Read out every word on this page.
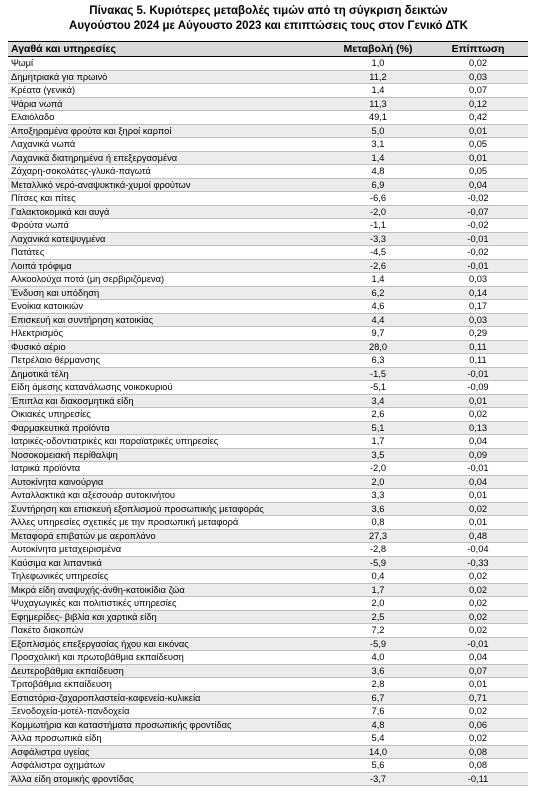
Πίνακας 5. Κυριότερες μεταβολές τιμών από τη σύγκριση δεικτών
Αυγούστου 2024 με Αύγουστο 2023 και επιπτώσεις τους στον Γενικό ΔΤΚ
Αγαθά και υπηρεσίες	Μεταβολή (%)	Επίπτωση
Ψωμί	1,0	0,02
Δημητριακά για πρωινό	11,2	0,03
Κρέατα (γενικά)	1,4	0,07
Ψάρια νωπά	11,3	0,12
Ελαιόλαδο	49,1	0,42
Αποξηραμένα φρούτα και ξηροί καρποί	5,0	0,01
Λαχανικά νωπά	3,1	0,05
Λαχανικά διατηρημένα ή επεξεργασμένα	1,4	0,01
Ζάχαρη-σοκολάτες-γλυκά-παγωτά	4,8	0,05
Μεταλλικό νερό-αναψυκτικά-χυμοί φρούτων	6,9	0,04
Πίτσες και πίτες	-6,6	-0,02
Γαλακτοκομικά και αυγά	-2,0	-0,07
Φρούτα νωπά	-1,1	-0,02
Λαχανικά κατεψυγμένα	-3,3	-0,01
Πατάτες	-4,5	-0,02
Λοιπά τρόφιμα	-2,6	-0,01
Αλκοολούχα ποτά (μη σερβιριζόμενα)	1,4	0,03
Ένδυση και υπόδηση	6,2	0,14
Ενοίκια κατοικιών	4,6	0,17
Επισκευή και συντήρηση κατοικίας	4,4	0,03
Ηλεκτρισμός	9,7	0,29
Φυσικό αέριο	28,0	0,11
Πετρέλαιο θέρμανσης	6,3	0,11
Δημοτικά τέλη	-1,5	-0,01
Είδη άμεσης κατανάλωσης νοικοκυριού	-5,1	-0,09
Έπιπλα και διακοσμητικά είδη	3,4	0,01
Οικιακές υπηρεσίες	2,6	0,02
Φαρμακευτικά προϊόντα	5,1	0,13
Ιατρικές-οδοντιατρικές και παραϊατρικές υπηρεσίες	1,7	0,04
Νοσοκομειακή περίθαλψη	3,5	0,09
Ιατρικά προϊόντα	-2,0	-0,01
Αυτοκίνητα καινούργια	2,0	0,04
Ανταλλακτικά και αξεσουάρ αυτοκινήτου	3,3	0,01
Συντήρηση και επισκευή εξοπλισμού προσωπικής μεταφοράς	3,6	0,02
Άλλες υπηρεσίες σχετικές με την προσωπική μεταφορά	0,8	0,01
Μεταφορά επιβατών με αεροπλάνο	27,3	0,48
Αυτοκίνητα μεταχειρισμένα	-2,8	-0,04
Καύσιμα και λιπαντικά	-5,9	-0,33
Τηλεφωνικές υπηρεσίες	0,4	0,02
Μικρά είδη αναψυχής-άνθη-κατοικίδια ζώα	1,7	0,02
Ψυχαγωγικές και πολιτιστικές υπηρεσίες	2,0	0,02
Εφημερίδες- βιβλία και χαρτικά είδη	2,5	0,02
Πακέτο διακοπών	7,2	0,02
Εξοπλισμός επεξεργασίας ήχου και εικόνας	-5,9	-0,01
Προσχολική και πρωτοβάθμια εκπαίδευση	4,0	0,04
Δευτεροβάθμια εκπαίδευση	3,6	0,07
Τριτοβάθμια εκπαίδευση	2,8	0,01
Εστιατόρια-ζαχαροπλαστεία-καφενεία-κυλικεία	6,7	0,71
Ξενοδοχεία-μοτέλ-πανδοχεία	7,6	0,02
Κομμωτήρια και καταστήματα προσωπικής φροντίδας	4,8	0,06
Άλλα προσωπικά είδη	5,4	0,02
Ασφάλιστρα υγείας	14,0	0,08
Ασφάλιστρα οχημάτων	5,6	0,08
Άλλα είδη ατομικής φροντίδας	-3,7	-0,11
